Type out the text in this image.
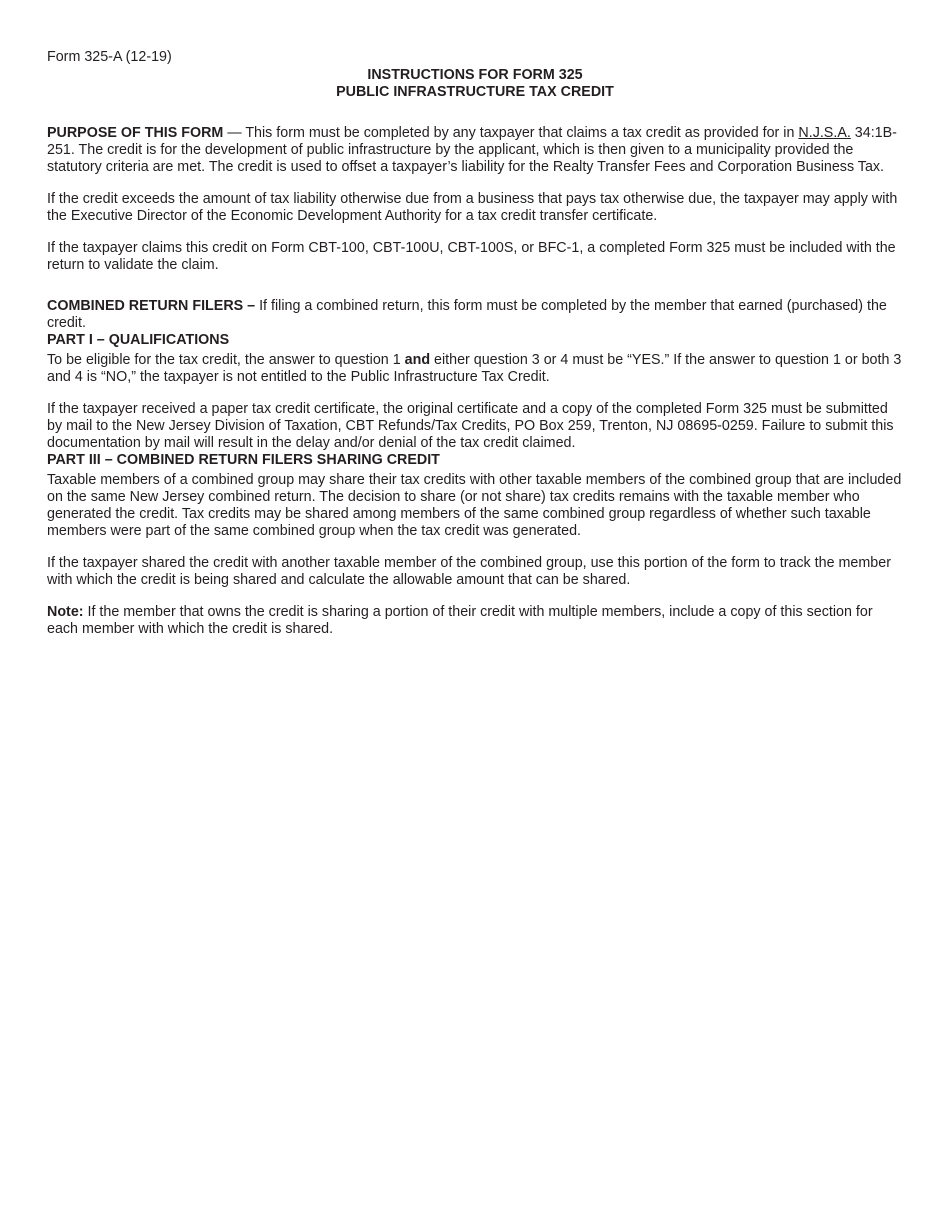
Form 325-A (12-19)
INSTRUCTIONS FOR FORM 325
PUBLIC INFRASTRUCTURE TAX CREDIT

PURPOSE OF THIS FORM — This form must be completed by any taxpayer that claims a tax credit as provided for in N.J.S.A. 34:1B-251. The credit is for the development of public infrastructure by the applicant, which is then given to a municipality provided the statutory criteria are met. The credit is used to offset a taxpayer’s liability for the Realty Transfer Fees and Corporation Business Tax.

If the credit exceeds the amount of tax liability otherwise due from a business that pays tax otherwise due, the taxpayer may apply with the Executive Director of the Economic Development Authority for a tax credit transfer certificate.

If the taxpayer claims this credit on Form CBT-100, CBT-100U, CBT-100S, or BFC-1, a completed Form 325 must be included with the return to validate the claim.

COMBINED RETURN FILERS – If filing a combined return, this form must be completed by the member that earned (purchased) the credit.

PART I – QUALIFICATIONS

To be eligible for the tax credit, the answer to question 1 and either question 3 or 4 must be “YES.” If the answer to question 1 or both 3 and 4 is “NO,” the taxpayer is not entitled to the Public Infrastructure Tax Credit.

If the taxpayer received a paper tax credit certificate, the original certificate and a copy of the completed Form 325 must be submitted by mail to the New Jersey Division of Taxation, CBT Refunds/Tax Credits, PO Box 259, Trenton, NJ 08695-0259. Failure to submit this documentation by mail will result in the delay and/or denial of the tax credit claimed.

PART III – COMBINED RETURN FILERS SHARING CREDIT

Taxable members of a combined group may share their tax credits with other taxable members of the combined group that are included on the same New Jersey combined return. The decision to share (or not share) tax credits remains with the taxable member who generated the credit. Tax credits may be shared among members of the same combined group regardless of whether such taxable members were part of the same combined group when the tax credit was generated.

If the taxpayer shared the credit with another taxable member of the combined group, use this portion of the form to track the member with which the credit is being shared and calculate the allowable amount that can be shared.

Note: If the member that owns the credit is sharing a portion of their credit with multiple members, include a copy of this section for each member with which the credit is shared.
